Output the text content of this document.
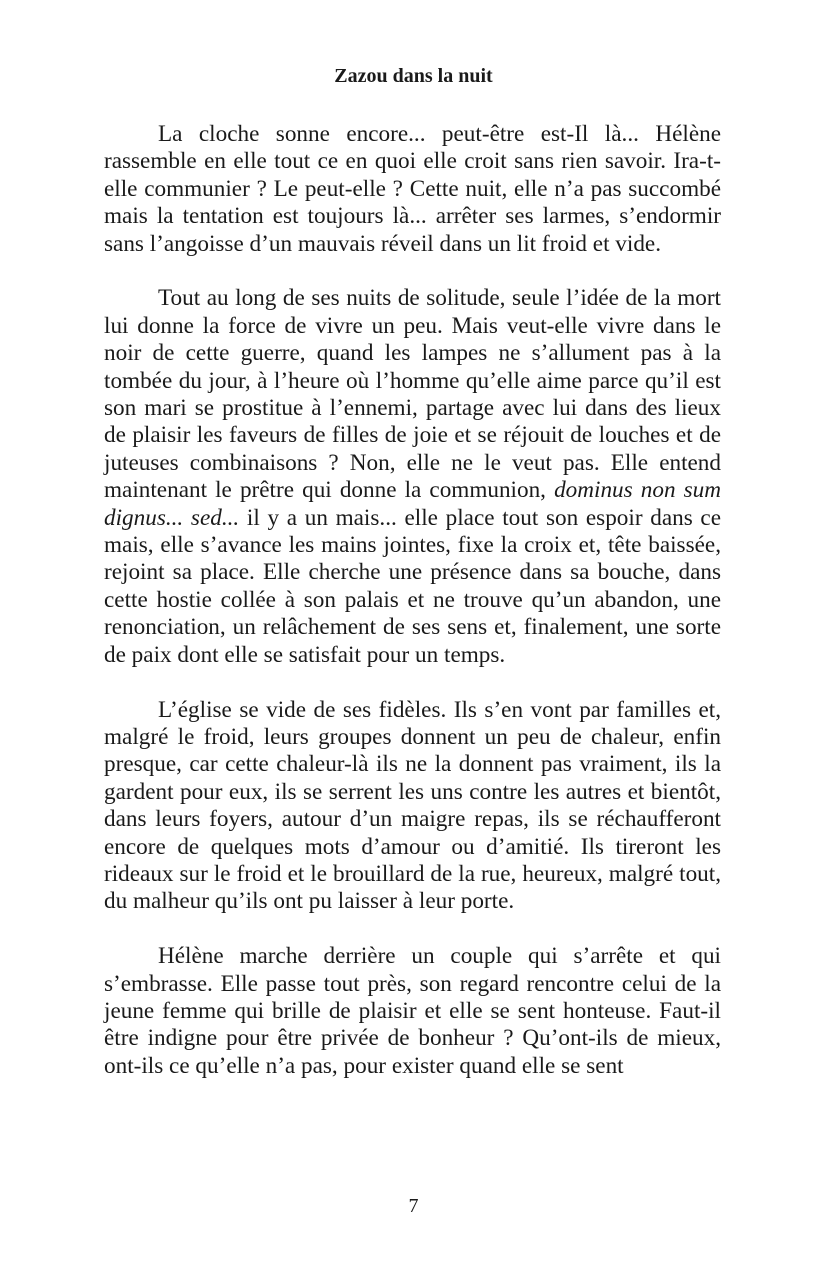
Zazou dans la nuit

La cloche sonne encore... peut-être est-Il là... Hélène rassemble en elle tout ce en quoi elle croit sans rien savoir. Ira-t-elle communier ? Le peut-elle ? Cette nuit, elle n’a pas succombé mais la tentation est toujours là... arrêter ses larmes, s’endormir sans l’angoisse d’un mauvais réveil dans un lit froid et vide.

Tout au long de ses nuits de solitude, seule l’idée de la mort lui donne la force de vivre un peu. Mais veut-elle vivre dans le noir de cette guerre, quand les lampes ne s’allument pas à la tombée du jour, à l’heure où l’homme qu’elle aime parce qu’il est son mari se prostitue à l’ennemi, partage avec lui dans des lieux de plaisir les faveurs de filles de joie et se réjouit de louches et de juteuses combinaisons ? Non, elle ne le veut pas. Elle entend maintenant le prêtre qui donne la communion, dominus non sum dignus... sed... il y a un mais... elle place tout son espoir dans ce mais, elle s’avance les mains jointes, fixe la croix et, tête baissée, rejoint sa place. Elle cherche une présence dans sa bouche, dans cette hostie collée à son palais et ne trouve qu’un abandon, une renonciation, un relâchement de ses sens et, finalement, une sorte de paix dont elle se satisfait pour un temps.

L’église se vide de ses fidèles. Ils s’en vont par familles et, malgré le froid, leurs groupes donnent un peu de chaleur, enfin presque, car cette chaleur-là ils ne la donnent pas vraiment, ils la gardent pour eux, ils se serrent les uns contre les autres et bientôt, dans leurs foyers, autour d’un maigre repas, ils se réchaufferont encore de quelques mots d’amour ou d’amitié. Ils tireront les rideaux sur le froid et le brouillard de la rue, heureux, malgré tout, du malheur qu’ils ont pu laisser à leur porte.

Hélène marche derrière un couple qui s’arrête et qui s’embrasse. Elle passe tout près, son regard rencontre celui de la jeune femme qui brille de plaisir et elle se sent honteuse. Faut-il être indigne pour être privée de bonheur ? Qu’ont-ils de mieux, ont-ils ce qu’elle n’a pas, pour exister quand elle se sent

7
